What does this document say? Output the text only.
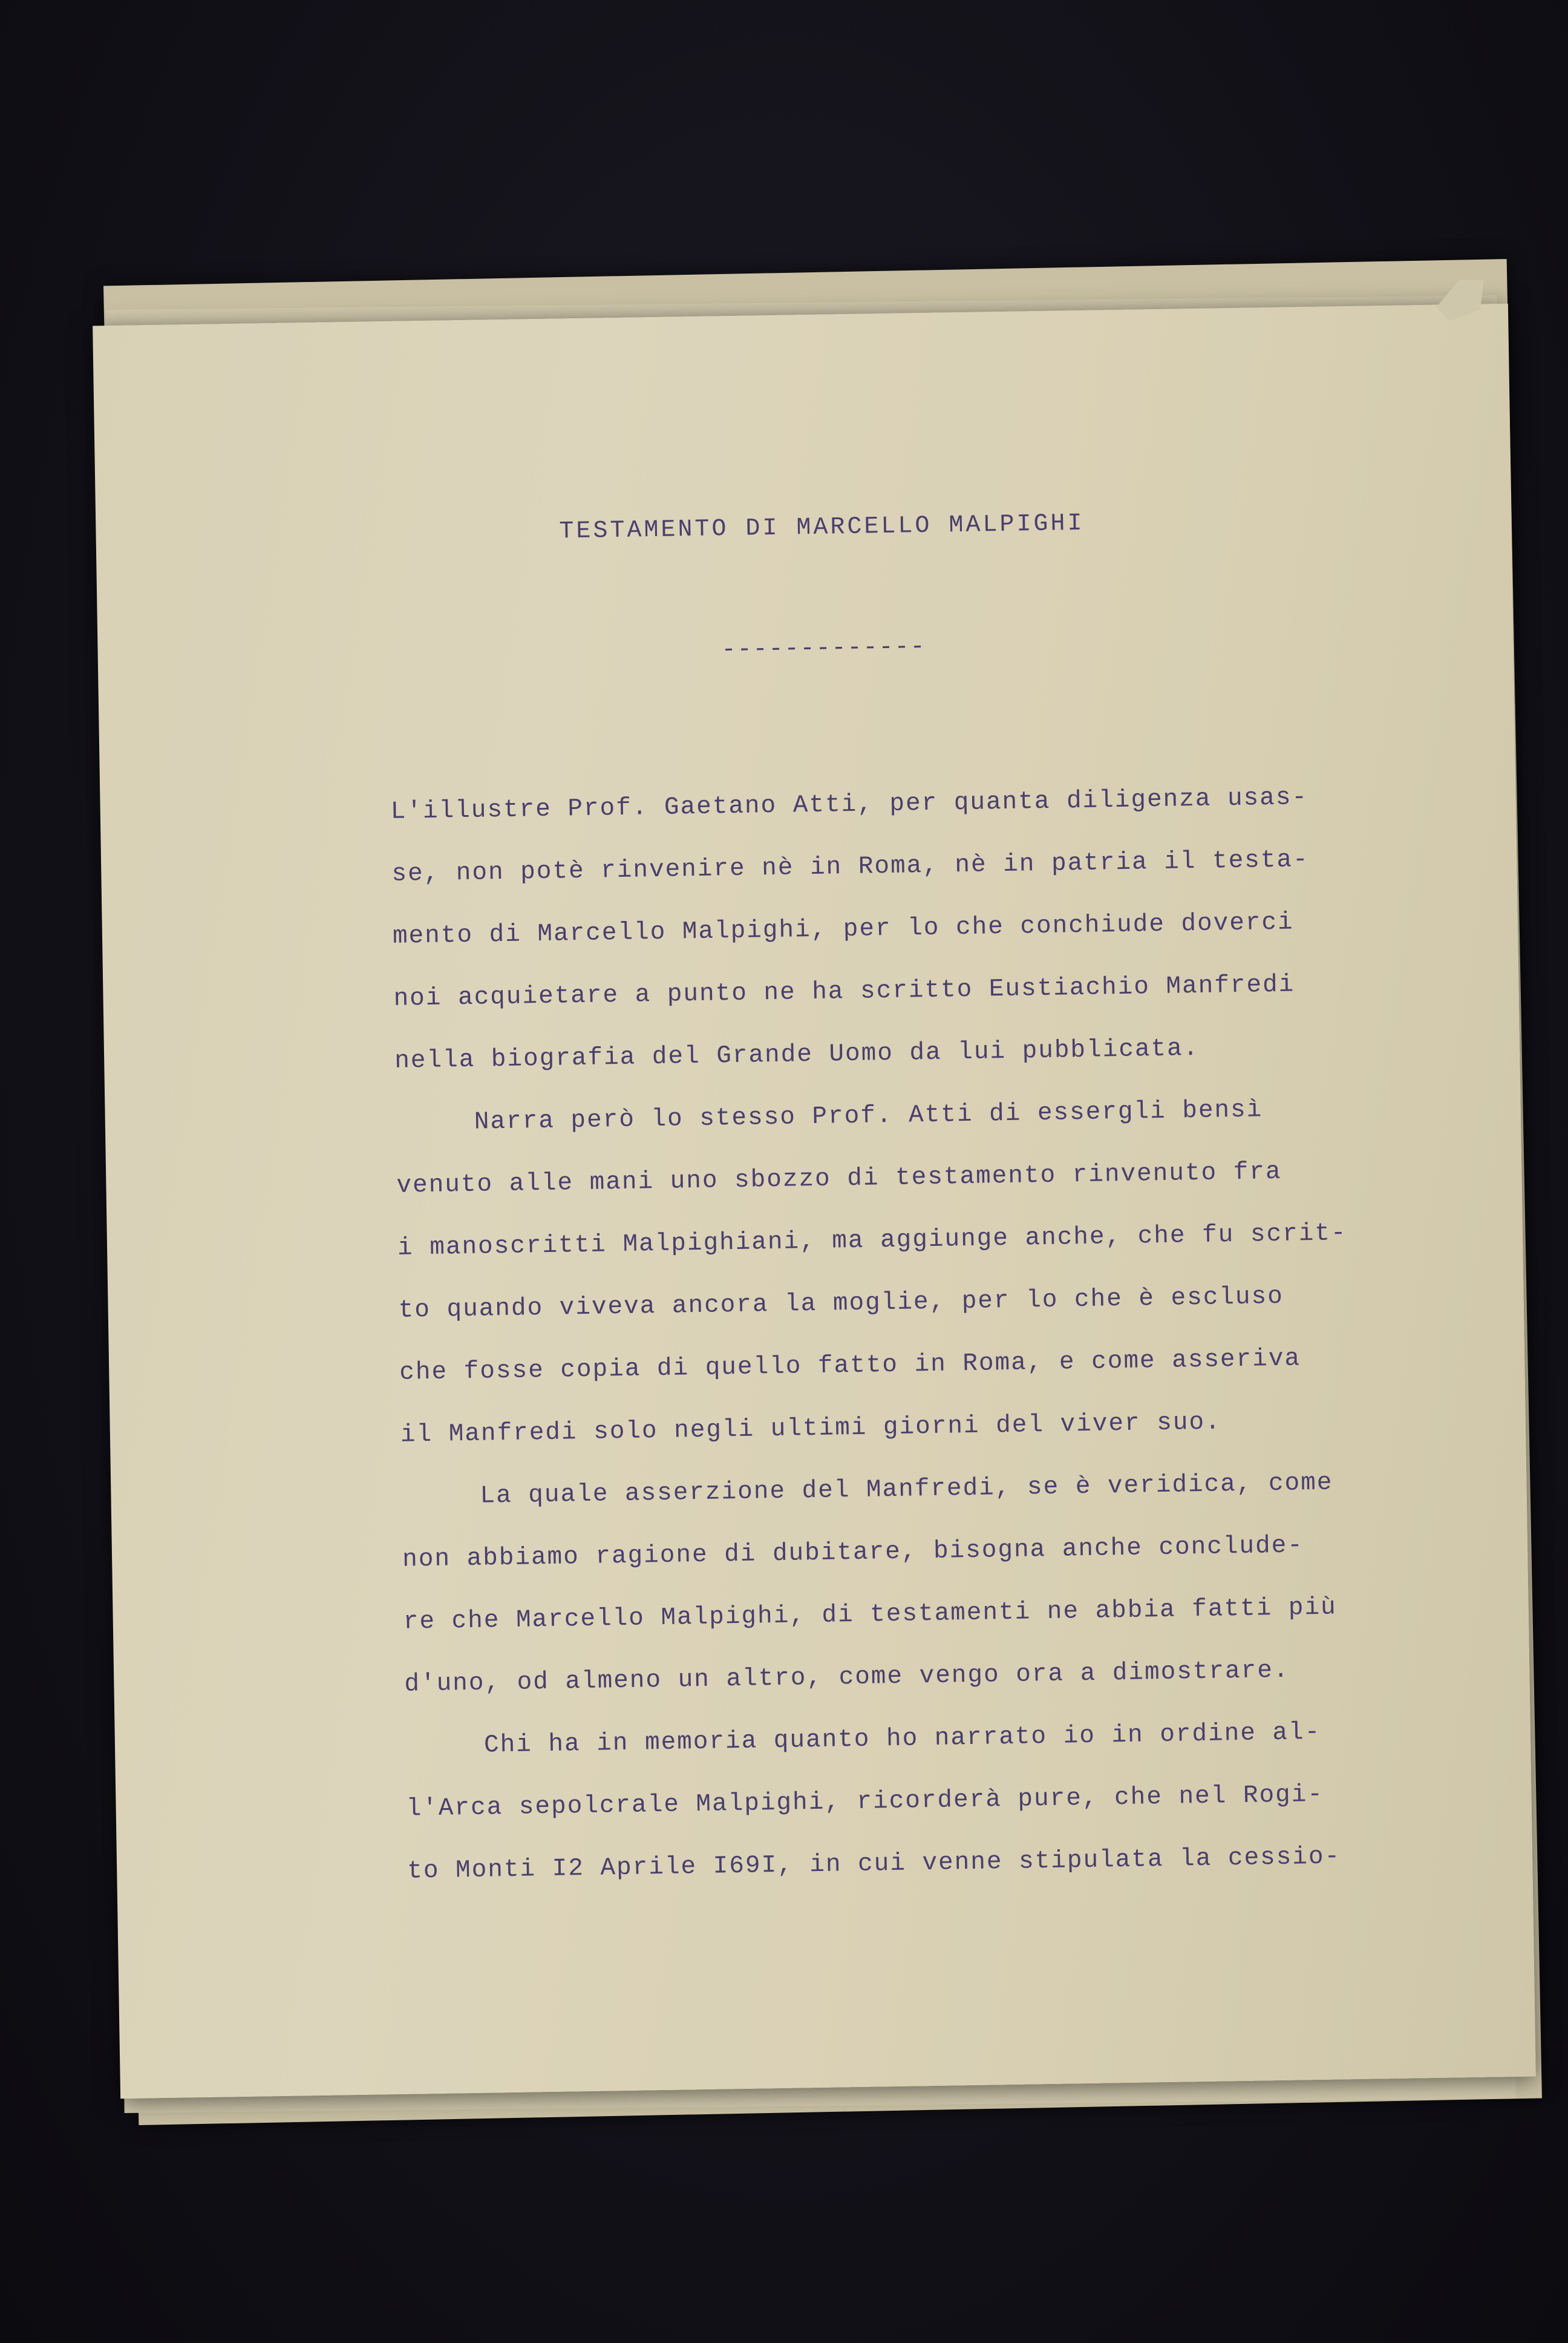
TESTAMENTO DI MARCELLO MALPIGHI
-------------
L'illustre Prof. Gaetano Atti, per quanta diligenza usas-
se, non potè rinvenire nè in Roma, nè in patria il testa-
mento di Marcello Malpighi, per lo che conchiude doverci
noi acquietare a punto ne ha scritto Eustiachio Manfredi
nella biografia del Grande Uomo da lui pubblicata.
Narra però lo stesso Prof. Atti di essergli bensì
venuto alle mani uno sbozzo di testamento rinvenuto fra
i manoscritti Malpighiani, ma aggiunge anche, che fu scrit-
to quando viveva ancora la moglie, per lo che è escluso
che fosse copia di quello fatto in Roma, e come asseriva
il Manfredi solo negli ultimi giorni del viver suo.
La quale asserzione del Manfredi, se è veridica, come
non abbiamo ragione di dubitare, bisogna anche conclude-
re che Marcello Malpighi, di testamenti ne abbia fatti più
d'uno, od almeno un altro, come vengo ora a dimostrare.
Chi ha in memoria quanto ho narrato io in ordine al-
l'Arca sepolcrale Malpighi, ricorderà pure, che nel Rogi-
to Monti I2 Aprile I69I, in cui venne stipulata la cessio-
